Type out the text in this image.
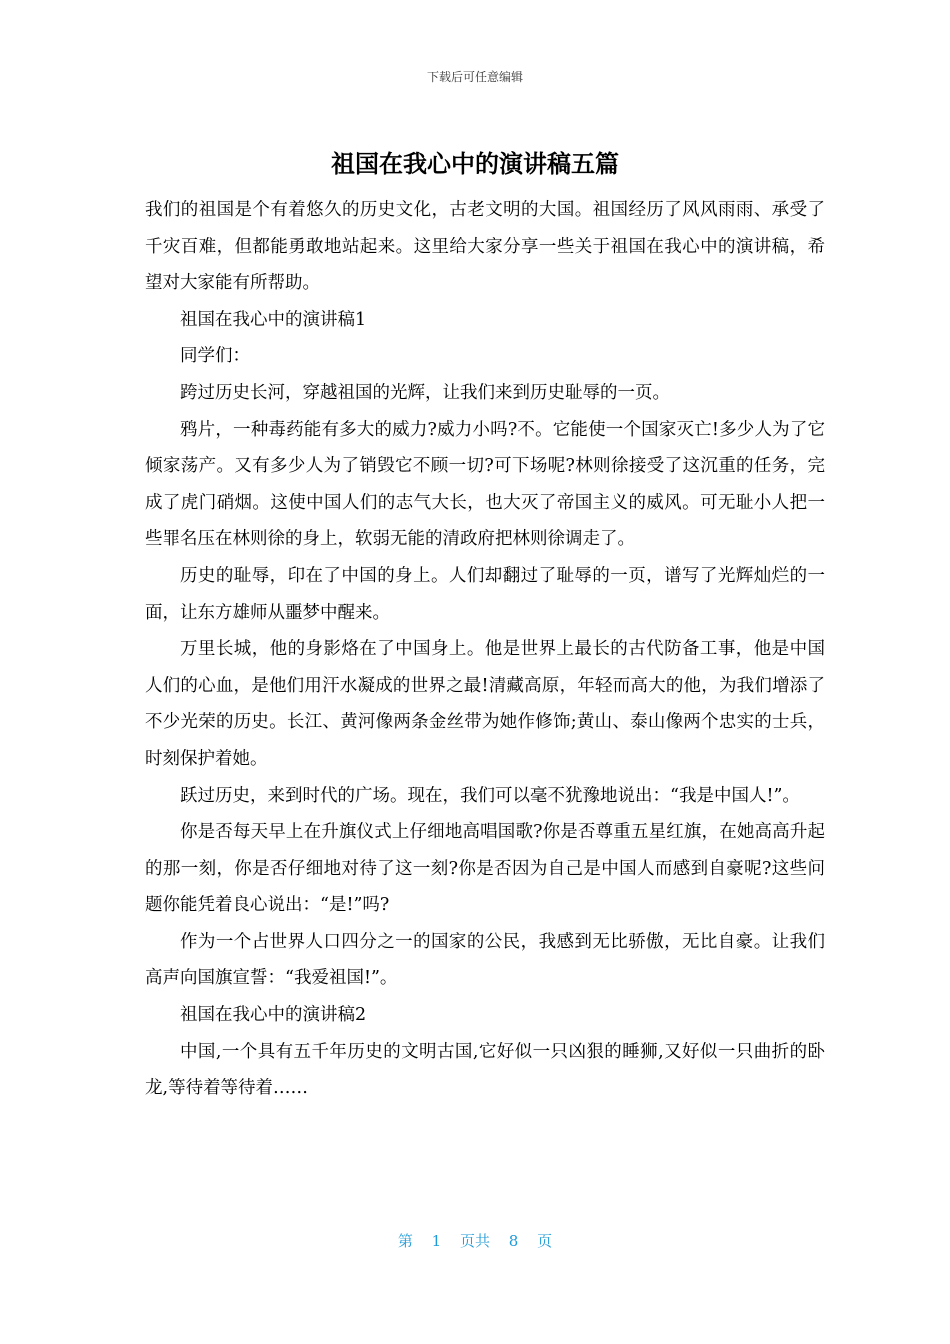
下载后可任意编辑
祖国在我心中的演讲稿五篇

我们的祖国是个有着悠久的历史文化，古老文明的大国。祖国经历了风风雨雨、承受了千灾百难，但都能勇敢地站起来。这里给大家分享一些关于祖国在我心中的演讲稿，希望对大家能有所帮助。

祖国在我心中的演讲稿1

同学们：

跨过历史长河，穿越祖国的光辉，让我们来到历史耻辱的一页。

鸦片，一种毒药能有多大的威力?威力小吗?不。它能使一个国家灭亡!多少人为了它倾家荡产。又有多少人为了销毁它不顾一切?可下场呢?林则徐接受了这沉重的任务，完成了虎门硝烟。这使中国人们的志气大长，也大灭了帝国主义的威风。可无耻小人把一些罪名压在林则徐的身上，软弱无能的清政府把林则徐调走了。

历史的耻辱，印在了中国的身上。人们却翻过了耻辱的一页，谱写了光辉灿烂的一面，让东方雄师从噩梦中醒来。

万里长城，他的身影烙在了中国身上。他是世界上最长的古代防备工事，他是中国人们的心血，是他们用汗水凝成的世界之最!清藏高原，年轻而高大的他，为我们增添了不少光荣的历史。长江、黄河像两条金丝带为她作修饰;黄山、泰山像两个忠实的士兵，时刻保护着她。

跃过历史，来到时代的广场。现在，我们可以毫不犹豫地说出：“我是中国人!”。

你是否每天早上在升旗仪式上仔细地高唱国歌?你是否尊重五星红旗，在她高高升起的那一刻，你是否仔细地对待了这一刻?你是否因为自己是中国人而感到自豪呢?这些问题你能凭着良心说出：“是!”吗?

作为一个占世界人口四分之一的国家的公民，我感到无比骄傲，无比自豪。让我们高声向国旗宣誓：“我爱祖国!”。

祖国在我心中的演讲稿2

中国,一个具有五千年历史的文明古国,它好似一只凶狠的睡狮,又好似一只曲折的卧龙,等待着等待着……

第 1 页共 8 页
